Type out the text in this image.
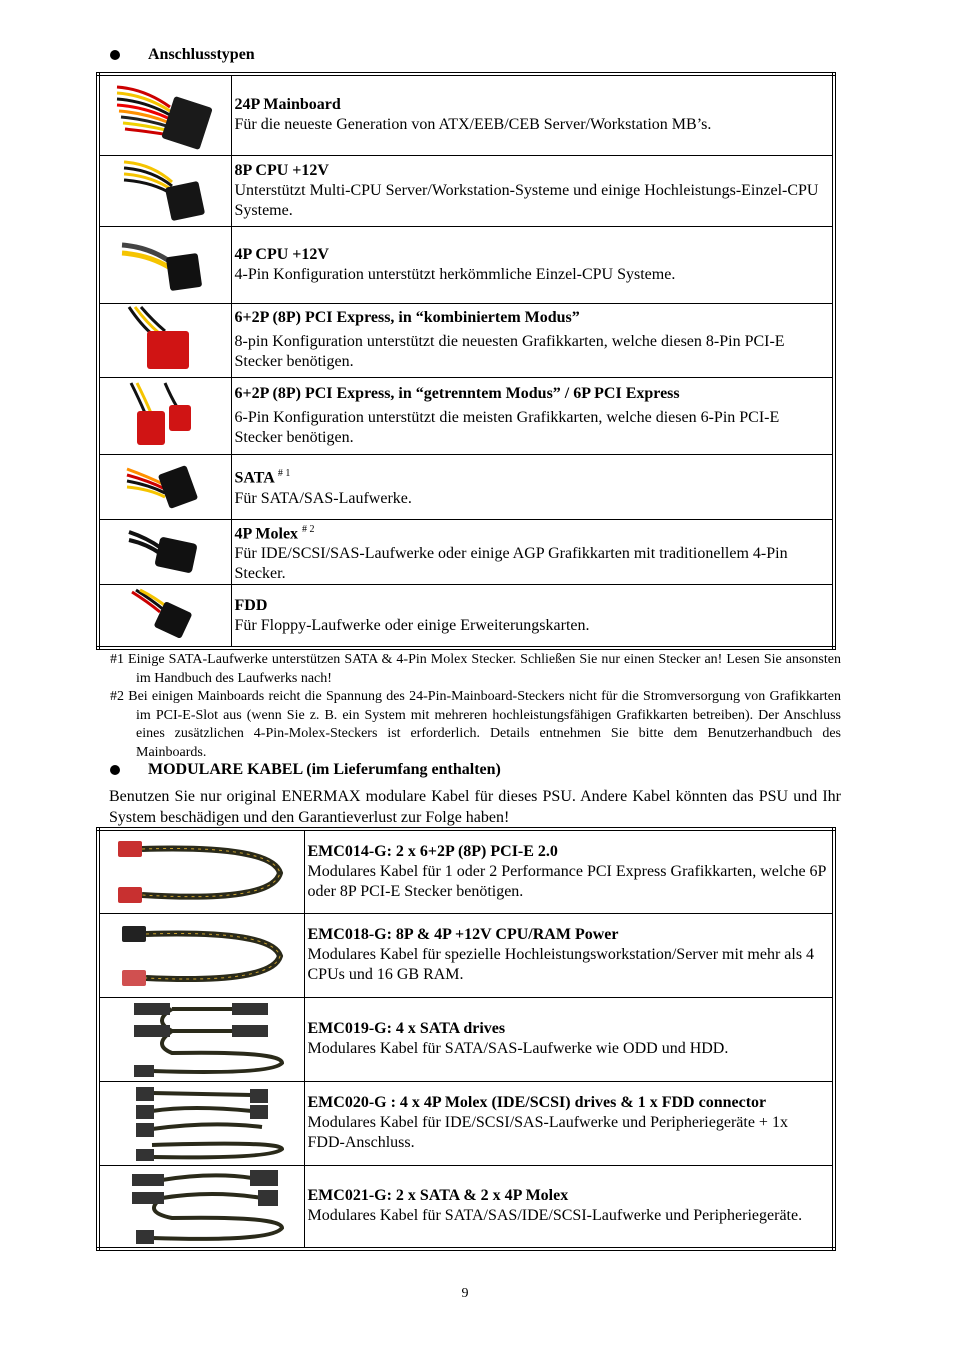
Anschlusstypen

24P Mainboard
Für die neueste Generation von ATX/EEB/CEB Server/Workstation MB’s.

8P CPU +12V
Unterstützt Multi-CPU Server/Workstation-Systeme und einige Hochleistungs-Einzel-CPU Systeme.

4P CPU +12V
4-Pin Konfiguration unterstützt herkömmliche Einzel-CPU Systeme.

6+2P (8P) PCI Express, in “kombiniertem Modus”
8-pin Konfiguration unterstützt die neuesten Grafikkarten, welche diesen 8-Pin PCI-E Stecker benötigen.

6+2P (8P) PCI Express, in “getrenntem Modus” / 6P PCI Express
6-Pin Konfiguration unterstützt die meisten Grafikkarten, welche diesen 6-Pin PCI-E Stecker benötigen.

SATA $^{\# 1}$
Für SATA/SAS-Laufwerke.

4P Molex $^{\# 2}$
Für IDE/SCSI/SAS-Laufwerke oder einige AGP Grafikkarten mit traditionellem 4-Pin Stecker.

FDD
Für Floppy-Laufwerke oder einige Erweiterungskarten.
#1 Einige SATA-Laufwerke unterstützen SATA & 4-Pin Molex Stecker. Schließen Sie nur einen Stecker an! Lesen Sie ansonsten im Handbuch des Laufwerks nach!
#2 Bei einigen Mainboards reicht die Spannung des 24-Pin-Mainboard-Steckers nicht für die Stromversorgung von Grafikkarten im PCI-E-Slot aus (wenn Sie z. B. ein System mit mehreren hochleistungsfähigen Grafikkarten betreiben). Der Anschluss eines zusätzlichen 4-Pin-Molex-Steckers ist erforderlich. Details entnehmen Sie bitte dem Benutzerhandbuch des Mainboards.
MODULARE KABEL (im Lieferumfang enthalten)
Benutzen Sie nur original ENERMAX modulare Kabel für dieses PSU. Andere Kabel könnten das PSU und Ihr System beschädigen und den Garantieverlust zur Folge haben!

EMC014-G: 2 x 6+2P (8P) PCI-E 2.0
Modulares Kabel für 1 oder 2 Performance PCI Express Grafikkarten, welche 6P oder 8P PCI-E Stecker benötigen.

EMC018-G: 8P & 4P +12V CPU/RAM Power
Modulares Kabel für spezielle Hochleistungsworkstation/Server mit mehr als 4 CPUs und 16 GB RAM.

EMC019-G: 4 x SATA drives
Modulares Kabel für SATA/SAS-Laufwerke wie ODD und HDD.

EMC020-G : 4 x 4P Molex (IDE/SCSI) drives & 1 x FDD connector
Modulares Kabel für IDE/SCSI/SAS-Laufwerke und Peripheriegeräte + 1x FDD-Anschluss.

EMC021-G: 2 x SATA & 2 x 4P Molex
Modulares Kabel für SATA/SAS/IDE/SCSI-Laufwerke und Peripheriegeräte.
9
